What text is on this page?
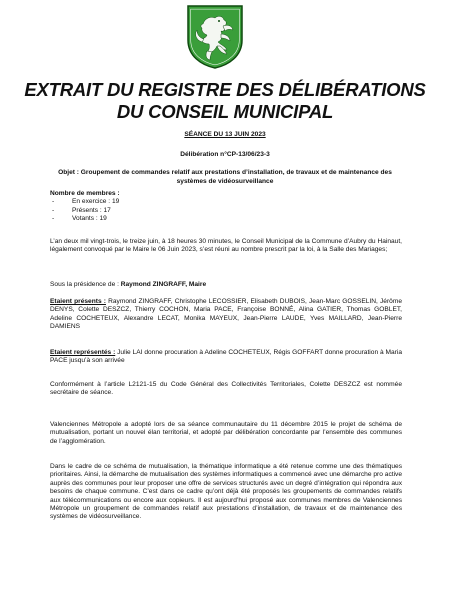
EXTRAIT DU REGISTRE DES DÉLIBÉRATIONS
DU CONSEIL MUNICIPAL
SÉANCE DU 13 JUIN 2023
Délibération n°CP-13/06/23-3
Objet : Groupement de commandes relatif aux prestations d’installation, de travaux et de maintenance des systèmes de vidéosurveillance
Nombre de membres :
-	En exercice : 19
-	Présents : 17
-	Votants : 19
L’an deux mil vingt-trois, le treize juin, à 18 heures 30 minutes, le Conseil Municipal de la Commune d’Aubry du Hainaut, légalement convoqué par le Maire le 06 Juin 2023, s’est réuni au nombre prescrit par la loi, à la Salle des Mariages;
Sous la présidence de : Raymond ZINGRAFF, Maire
Etaient présents : Raymond ZINGRAFF, Christophe LECOSSIER, Elisabeth DUBOIS, Jean-Marc GOSSELIN, Jérôme DENYS, Colette DESZCZ, Thierry COCHON, Maria PACE, Françoise BONNÉ, Alina GATIER, Thomas GOBLET, Adeline COCHETEUX, Alexandre LECAT, Monika MAYEUX, Jean-Pierre LAUDE, Yves MAILLARD, Jean-Pierre DAMIENS
Etaient représentés : Julie LAI donne procuration à Adeline COCHETEUX, Régis GOFFART donne procuration à Maria PACE jusqu’à son arrivée
Conformément à l’article L2121-15 du Code Général des Collectivités Territoriales, Colette DESZCZ est nommée secrétaire de séance.
Valenciennes Métropole a adopté lors de sa séance communautaire du 11 décembre 2015 le projet de schéma de mutualisation, portant un nouvel élan territorial, et adopté par délibération concordante par l’ensemble des communes de l’agglomération.
Dans le cadre de ce schéma de mutualisation, la thématique informatique a été retenue comme une des thématiques prioritaires. Ainsi, la démarche de mutualisation des systèmes informatiques a commencé avec une démarche pro active auprès des communes pour leur proposer une offre de services structurés avec un degré d’intégration qui répondra aux besoins de chaque commune. C’est dans ce cadre qu’ont déjà été proposés les groupements de commandes relatifs aux télécommunications ou encore aux copieurs. Il est aujourd’hui proposé aux communes membres de Valenciennes Métropole un groupement de commandes relatif aux prestations d’installation, de travaux et de maintenance des systèmes de vidéosurveillance.
